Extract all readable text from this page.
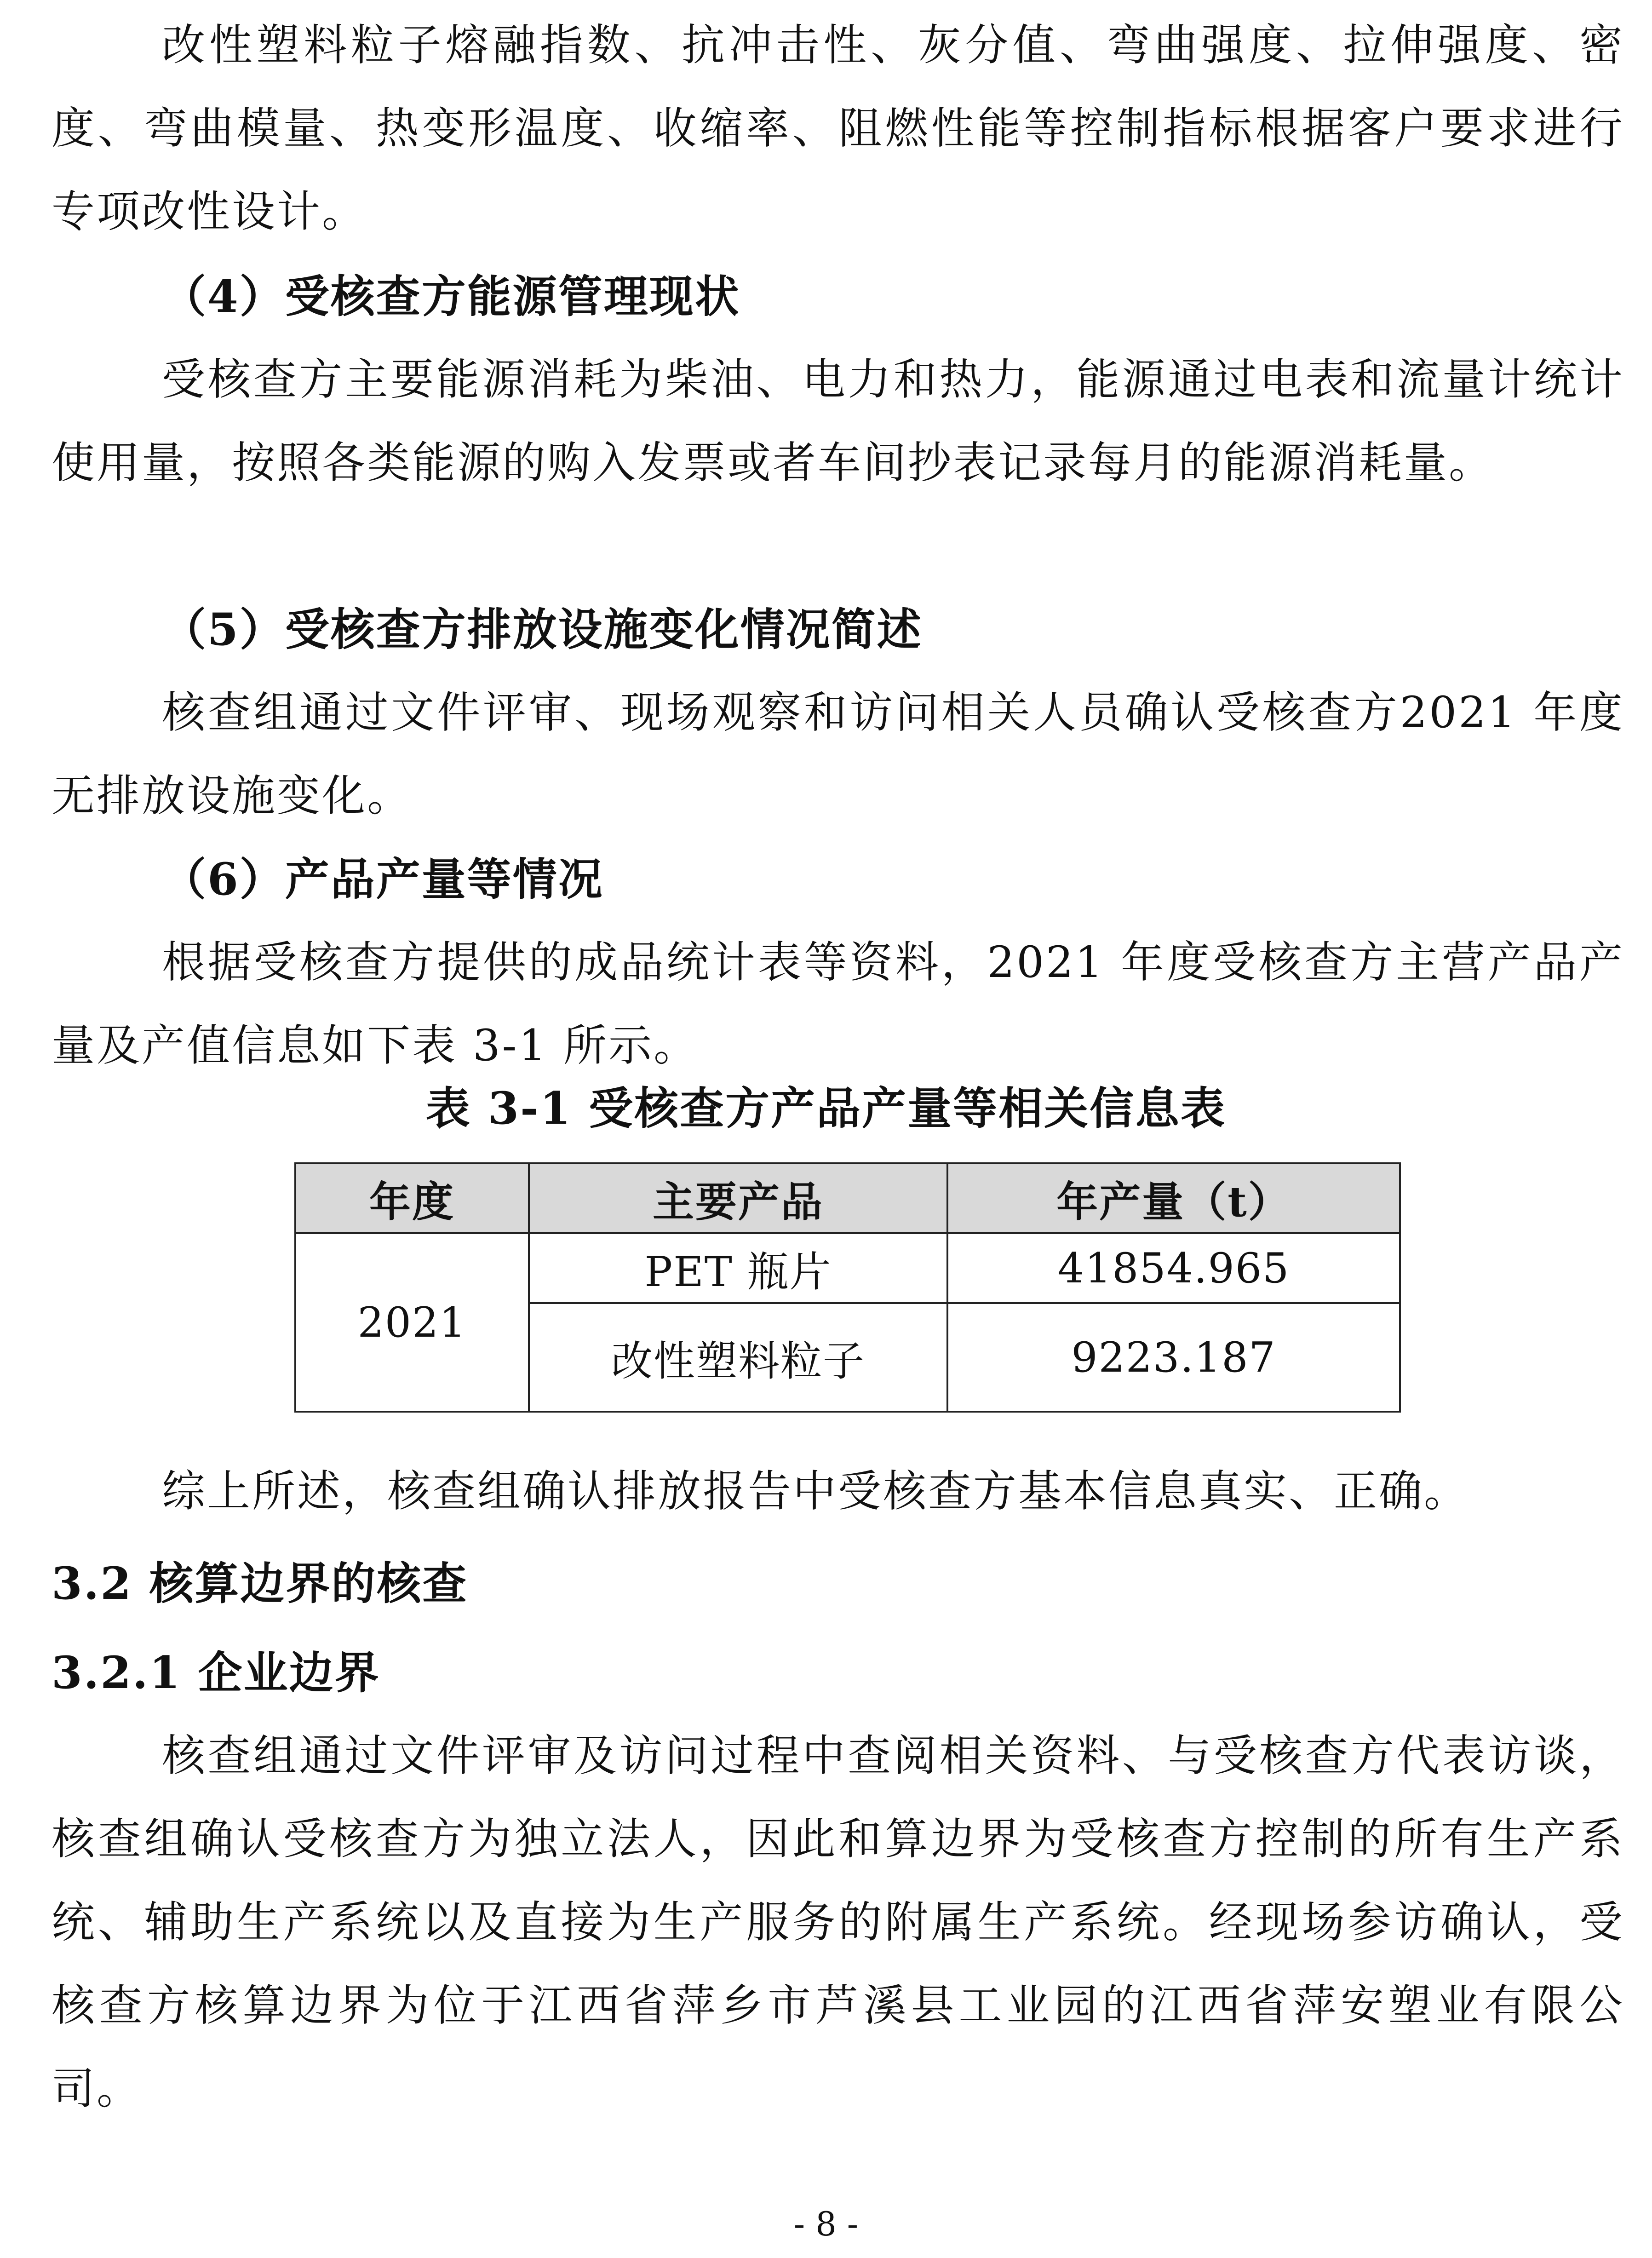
改性塑料粒子熔融指数、抗冲击性、灰分值、弯曲强度、拉伸强度、密度、弯曲模量、热变形温度、收缩率、阻燃性能等控制指标根据客户要求进行专项改性设计。

（4）受核查方能源管理现状

受核查方主要能源消耗为柴油、电力和热力，能源通过电表和流量计统计使用量，按照各类能源的购入发票或者车间抄表记录每月的能源消耗量。

（5）受核查方排放设施变化情况简述

核查组通过文件评审、现场观察和访问相关人员确认受核查方2021 年度无排放设施变化。

（6）产品产量等情况

根据受核查方提供的成品统计表等资料，2021 年度受核查方主营产品产量及产值信息如下表 3-1 所示。

表 3-1 受核查方产品产量等相关信息表

年度	主要产品	年产量（t）
2021	PET 瓶片	41854.965
	改性塑料粒子	9223.187

综上所述，核查组确认排放报告中受核查方基本信息真实、正确。

3.2 核算边界的核查

3.2.1 企业边界

核查组通过文件评审及访问过程中查阅相关资料、与受核查方代表访谈，核查组确认受核查方为独立法人，因此和算边界为受核查方控制的所有生产系统、辅助生产系统以及直接为生产服务的附属生产系统。经现场参访确认，受核查方核算边界为位于江西省萍乡市芦溪县工业园的江西省萍安塑业有限公司。

- 8 -
